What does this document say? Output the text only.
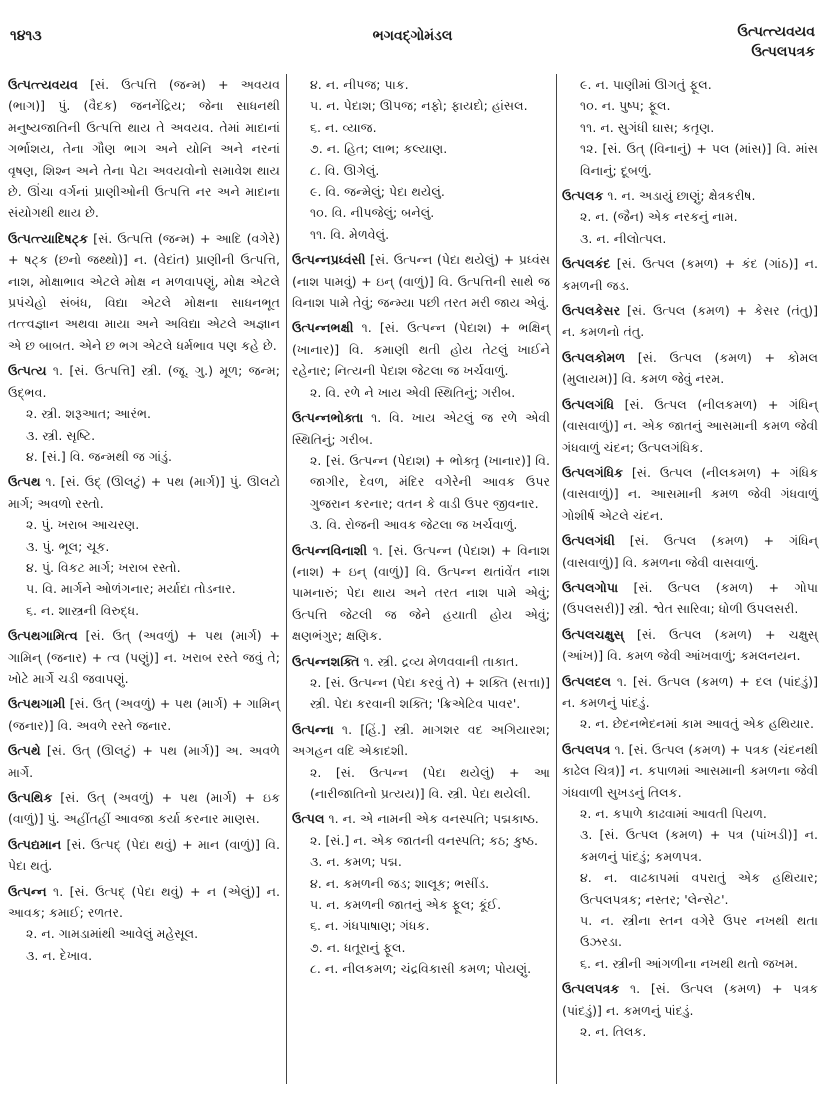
૧૪૧૩	ભગવદ્ગોમંડલ	ઉત્પત્ત્યવયવ
ઉત્પલપત્રક

ઉત્પત્ત્યવયવ [સં. ઉત્પત્તિ (જન્મ) + અવયવ (ભાગ)] પું. (વૈદક) જનનેંદ્રિય; જેના સાધનથી મનુષ્યજાતિની ઉત્પત્તિ થાય તે અવયવ. તેમાં માદાનાં ગર્ભાશય, તેના ગૌણ ભાગ અને યોનિ અને નરનાં વૃષણ, શિશ્ન અને તેના પેટા અવયવોનો સમાવેશ થાય છે. ઊંચા વર્ગનાં પ્રાણીઓની ઉત્પત્તિ નર અને માદાના સંયોગથી થાય છે.

ઉત્પત્ત્યાદિષટ્ક [સં. ઉત્પત્તિ (જન્મ) + આદિ (વગેરે) + ષટ્ક (છનો જથ્થો)] ન. (વેદાંત) પ્રાણીની ઉત્પત્તિ, નાશ, મોક્ષાભાવ એટલે મોક્ષ ન મળવાપણું, મોક્ષ એટલે પ્રપંચેહો સંબંધ, વિદ્યા એટલે મોક્ષના સાધનભૂત તત્ત્વજ્ઞાન અથવા માયા અને અવિદ્યા એટલે અજ્ઞાન એ છ બાબત. એને છ ભગ એટલે ધર્મભાવ પણ કહે છે.

ઉત્પત્ય ૧. [સં. ઉત્પત્તિ] સ્ત્રી. (જૂ. ગુ.) મૂળ; જન્મ; ઉદ્ભવ.

૨. સ્ત્રી. શરૂઆત; આરંભ.

૩. સ્ત્રી. સૃષ્ટિ.

૪. [સં.] વિ. જન્મથી જ ગાંડું.

ઉત્પથ ૧. [સં. ઉદ્ (ઊલટું) + પથ (માર્ગ)] પું. ઊલટો માર્ગ; અવળો રસ્તો.

૨. પું. ખરાબ આચરણ.

૩. પું. ભૂલ; ચૂક.

૪. પું. વિકટ માર્ગ; ખરાબ રસ્તો.

૫. વિ. માર્ગને ઓળંગનાર; મર્યાદા તોડનાર.

૬. ન. શાસ્ત્રની વિરુદ્ધ.

ઉત્પથગામિત્વ [સં. ઉત્ (અવળું) + પથ (માર્ગ) + ગામિન્ (જનાર) + ત્વ (પણું)] ન. ખરાબ રસ્તે જવું તે; ખોટે માર્ગે ચડી જવાપણું.

ઉત્પથગામી [સં. ઉત્ (અવળું) + પથ (માર્ગ) + ગામિન્ (જનાર)] વિ. અવળે રસ્તે જનાર.

ઉત્પથે [સં. ઉત્ (ઊલટું) + પથ (માર્ગ)] અ. અવળે માર્ગે.

ઉત્પથિક [સં. ઉત્ (અવળું) + પથ (માર્ગ) + ઇક (વાળું)] પું. અહીંતહીં આવજા કર્યા કરનાર માણસ.

ઉત્પદ્યમાન [સં. ઉત્પદ્ (પેદા થવું) + માન (વાળું)] વિ. પેદા થતું.

ઉત્પન્ન ૧. [સં. ઉત્પદ્ (પેદા થવું) + ન (એલું)] ન. આવક; કમાઈ; રળતર.

૨. ન. ગામડામાંથી આવેલું મહેસૂલ.

૩. ન. દેખાવ.

૪. ન. નીપજ; પાક.

૫. ન. પેદાશ; ઊપજ; નફો; ફાયદો; હાંસલ.

૬. ન. વ્યાજ.

૭. ન. હિત; લાભ; કલ્યાણ.

૮. વિ. ઊગેલું.

૯. વિ. જન્મેલું; પેદા થયેલું.

૧૦. વિ. નીપજેલું; બનેલું.

૧૧. વિ. મેળવેલું.

ઉત્પન્નપ્રધ્વંસી [સં. ઉત્પન્ન (પેદા થયેલું) + પ્રધ્વંસ (નાશ પામવું) + ઇન્ (વાળું)] વિ. ઉત્પત્તિની સાથે જ વિનાશ પામે તેવું; જન્મ્યા પછી તરત મરી જાય એવું.

ઉત્પન્નભક્ષી ૧. [સં. ઉત્પન્ન (પેદાશ) + ભક્ષિન્ (ખાનાર)] વિ. કમાણી થતી હોય તેટલું ખાઈને રહેનાર; નિત્યની પેદાશ જેટલા જ ખર્ચવાળું.

૨. વિ. રળે ને ખાય એવી સ્થિતિનું; ગરીબ.

ઉત્પન્નભોક્તા ૧. વિ. ખાય એટલું જ રળે એવી સ્થિતિનું; ગરીબ.

૨. [સં. ઉત્પન્ન (પેદાશ) + ભોક્તૃ (ખાનાર)] વિ. જાગીર, દેવળ, મંદિર વગેરેની આવક ઉપર ગુજરાન કરનાર; વતન કે વાડી ઉપર જીવનાર.

૩. વિ. રોજની આવક જેટલા જ ખર્ચવાળું.

ઉત્પન્નવિનાશી ૧. [સં. ઉત્પન્ન (પેદાશ) + વિનાશ (નાશ) + ઇન્ (વાળું)] વિ. ઉત્પન્ન થતાંવેંત નાશ પામનારું; પેદા થાય અને તરત નાશ પામે એવું; ઉત્પત્તિ જેટલી જ જેને હયાતી હોય એવું; ક્ષણભંગુર; ક્ષણિક.

ઉત્પન્નશક્તિ ૧. સ્ત્રી. દ્રવ્ય મેળવવાની તાકાત.

૨. [સં. ઉત્પન્ન (પેદા કરવું તે) + શક્તિ (સત્તા)] સ્ત્રી. પેદા કરવાની શક્તિ; 'ક્રિએટિવ પાવર'.

ઉત્પન્ના ૧. [હિં.] સ્ત્રી. માગશર વદ અગિયારશ; અગહન વદિ એકાદશી.

૨. [સં. ઉત્પન્ન (પેદા થયેલું) + આ (નારીજાતિનો પ્રત્યય)] વિ. સ્ત્રી. પેદા થયેલી.

ઉત્પલ ૧. ન. એ નામની એક વનસ્પતિ; પદ્મકાષ્ઠ.

૨. [સં.] ન. એક જાતની વનસ્પતિ; કઠ; કુષ્ઠ.

૩. ન. કમળ; પદ્મ.

૪. ન. કમળની જડ; શાલૂક; ભસીંડ.

૫. ન. કમળની જાતનું એક ફૂલ; કૂંઈ.

૬. ન. ગંધપાષાણ; ગંધક.

૭. ન. ધતૂરાનું ફૂલ.

૮. ન. નીલકમળ; ચંદ્રવિકાસી કમળ; પોયણું.

૯. ન. પાણીમાં ઊગતું ફૂલ.

૧૦. ન. પુષ્પ; ફૂલ.

૧૧. ન. સુગંધી ઘાસ; કતૃણ.

૧૨. [સં. ઉત્ (વિનાનું) + પલ (માંસ)] વિ. માંસ વિનાનું; દૂબળું.

ઉત્પલક ૧. ન. અડાયું છાણું; ક્ષેત્રકરીષ.

૨. ન. (જૈન) એક નરકનું નામ.

૩. ન. નીલોત્પલ.

ઉત્પલકંદ [સં. ઉત્પલ (કમળ) + કંદ (ગાંઠ)] ન. કમળની જડ.

ઉત્પલકેસર [સં. ઉત્પલ (કમળ) + કેસર (તંતુ)] ન. કમળનો તંતુ.

ઉત્પલકોમળ [સં. ઉત્પલ (કમળ) + કોમલ (મુલાયમ)] વિ. કમળ જેવું નરમ.

ઉત્પલગંધિ [સં. ઉત્પલ (નીલકમળ) + ગંધિન્ (વાસવાળું)] ન. એક જાતનું આસમાની કમળ જેવી ગંધવાળું ચંદન; ઉત્પલગંધિક.

ઉત્પલગંધિક [સં. ઉત્પલ (નીલકમળ) + ગંધિક (વાસવાળું)] ન. આસમાની કમળ જેવી ગંધવાળું ગોશીર્ષ એટલે ચંદન.

ઉત્પલગંધી [સં. ઉત્પલ (કમળ) + ગંધિન્ (વાસવાળું)] વિ. કમળના જેવી વાસવાળું.

ઉત્પલગોપા [સં. ઉત્પલ (કમળ) + ગોપા (ઉપલસરી)] સ્ત્રી. શ્વેત સારિવા; ધોળી ઉપલસરી.

ઉત્પલચક્ષુસ્ [સં. ઉત્પલ (કમળ) + ચક્ષુસ્ (આંખ)] વિ. કમળ જેવી આંખવાળું; કમલનયન.

ઉત્પલદલ ૧. [સં. ઉત્પલ (કમળ) + દલ (પાંદડું)] ન. કમળનું પાંદડું.

૨. ન. છેદનભેદનમાં કામ આવતું એક હથિયાર.

ઉત્પલપત્ર ૧. [સં. ઉત્પલ (કમળ) + પત્રક (ચંદનથી કાઢેલ ચિત્ર)] ન. કપાળમાં આસમાની કમળના જેવી ગંધવાળી સુખડનું તિલક.

૨. ન. કપાળે કાઢવામાં આવતી પિયળ.

૩. [સં. ઉત્પલ (કમળ) + પત્ર (પાંખડી)] ન. કમળનું પાંદડું; કમળપત્ર.

૪. ન. વાઢકાપમાં વપરાતું એક હથિયાર; ઉત્પલપત્રક; નસ્તર; 'લેન્સેટ'.

૫. ન. સ્ત્રીના સ્તન વગેરે ઉપર નખથી થતા ઉઝરડા.

૬. ન. સ્ત્રીની આંગળીના નખથી થતો જખમ.

ઉત્પલપત્રક ૧. [સં. ઉત્પલ (કમળ) + પત્રક (પાંદડું)] ન. કમળનું પાંદડું.

૨. ન. તિલક.
